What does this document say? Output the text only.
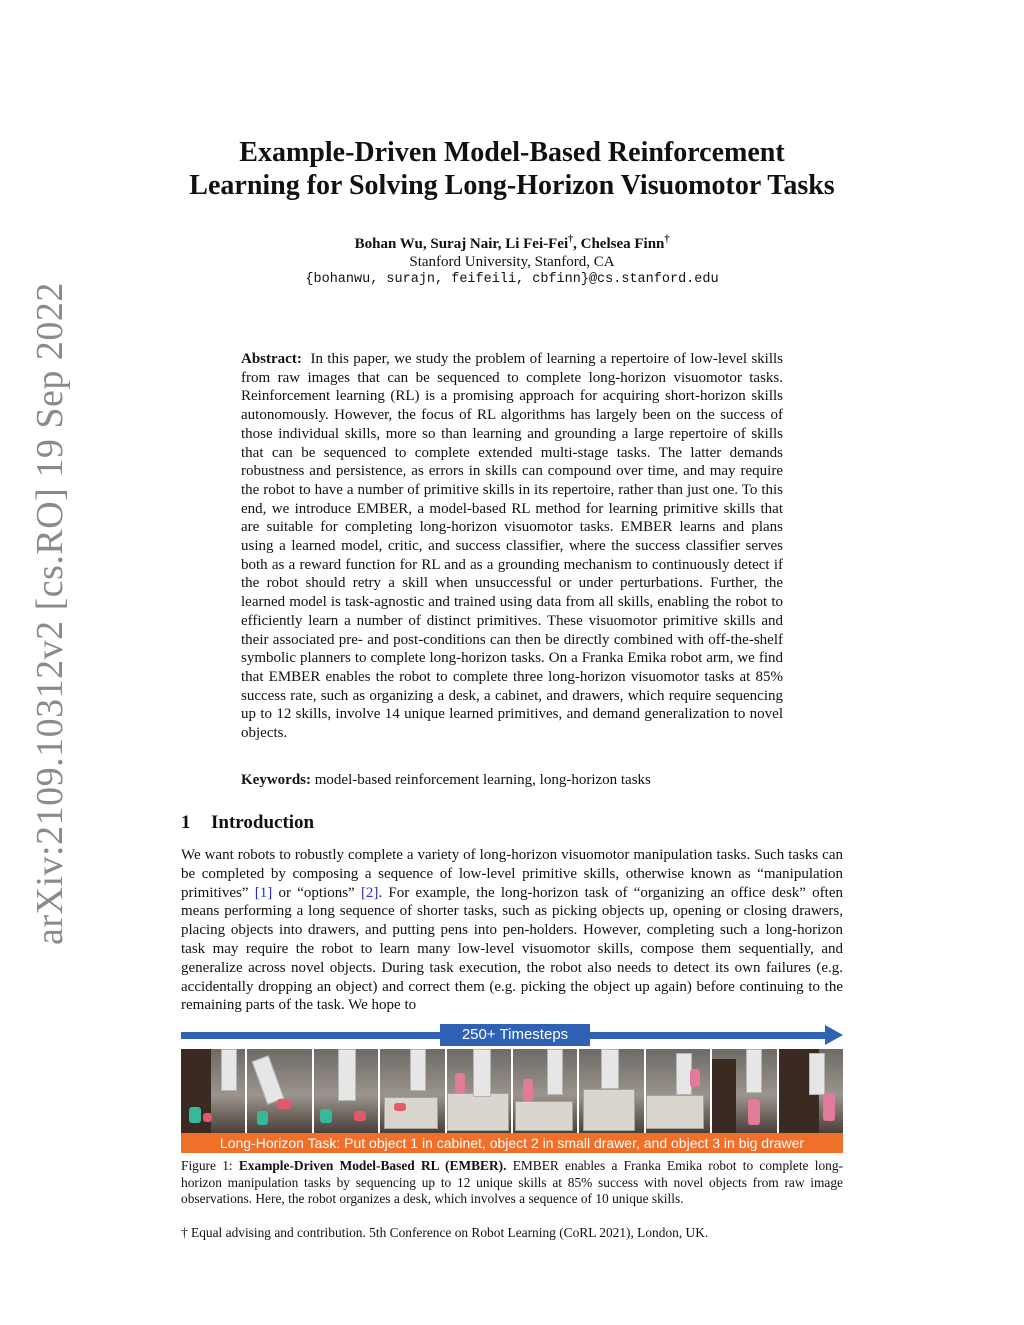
arXiv:2109.10312v2 [cs.RO] 19 Sep 2022
Example-Driven Model-Based Reinforcement
Learning for Solving Long-Horizon Visuomotor Tasks
Bohan Wu, Suraj Nair, Li Fei-Fei†, Chelsea Finn†
Stanford University, Stanford, CA
{bohanwu, surajn, feifeili, cbfinn}@cs.stanford.edu
Abstract: In this paper, we study the problem of learning a repertoire of low-level skills from raw images that can be sequenced to complete long-horizon visuomotor tasks. Reinforcement learning (RL) is a promising approach for acquiring short-horizon skills autonomously. However, the focus of RL algorithms has largely been on the success of those individual skills, more so than learning and grounding a large repertoire of skills that can be sequenced to complete extended multi-stage tasks. The latter demands robustness and persistence, as errors in skills can compound over time, and may require the robot to have a number of primitive skills in its repertoire, rather than just one. To this end, we introduce EMBER, a model-based RL method for learning primitive skills that are suitable for completing long-horizon visuomotor tasks. EMBER learns and plans using a learned model, critic, and success classifier, where the success classifier serves both as a reward function for RL and as a grounding mechanism to continuously detect if the robot should retry a skill when unsuccessful or under perturbations. Further, the learned model is task-agnostic and trained using data from all skills, enabling the robot to efficiently learn a number of distinct primitives. These visuomotor primitive skills and their associated pre- and post-conditions can then be directly combined with off-the-shelf symbolic planners to complete long-horizon tasks. On a Franka Emika robot arm, we find that EMBER enables the robot to complete three long-horizon visuomotor tasks at 85% success rate, such as organizing a desk, a cabinet, and drawers, which require sequencing up to 12 skills, involve 14 unique learned primitives, and demand generalization to novel objects.
Keywords: model-based reinforcement learning, long-horizon tasks
1 Introduction
We want robots to robustly complete a variety of long-horizon visuomotor manipulation tasks. Such tasks can be completed by composing a sequence of low-level primitive skills, otherwise known as “manipulation primitives” [1] or “options” [2]. For example, the long-horizon task of “organizing an office desk” often means performing a long sequence of shorter tasks, such as picking objects up, opening or closing drawers, placing objects into drawers, and putting pens into pen-holders. However, completing such a long-horizon task may require the robot to learn many low-level visuomotor skills, compose them sequentially, and generalize across novel objects. During task execution, the robot also needs to detect its own failures (e.g. accidentally dropping an object) and correct them (e.g. picking the object up again) before continuing to the remaining parts of the task. We hope to
250+ Timesteps
Long-Horizon Task: Put object 1 in cabinet, object 2 in small drawer, and object 3 in big drawer
Figure 1: Example-Driven Model-Based RL (EMBER). EMBER enables a Franka Emika robot to complete long-horizon manipulation tasks by sequencing up to 12 unique skills at 85% success with novel objects from raw image observations. Here, the robot organizes a desk, which involves a sequence of 10 unique skills.
† Equal advising and contribution. 5th Conference on Robot Learning (CoRL 2021), London, UK.
